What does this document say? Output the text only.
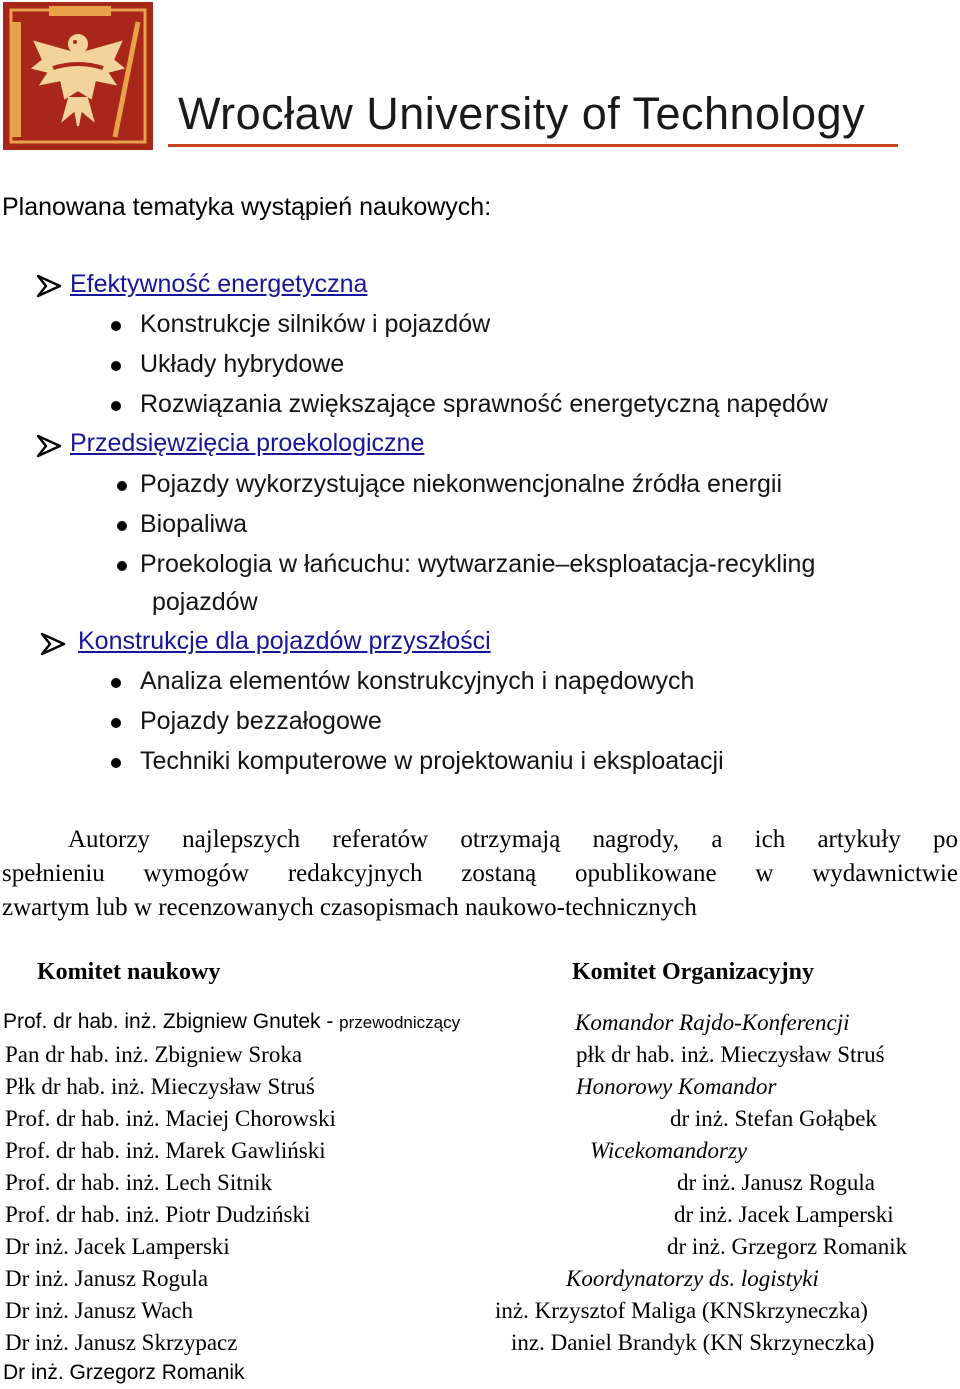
Wrocław University of Technology
Planowana tematyka wystąpień naukowych:
Efektywność energetyczna
Konstrukcje silników i pojazdów
Układy hybrydowe
Rozwiązania zwiększające sprawność energetyczną napędów
Przedsięwzięcia proekologiczne
Pojazdy wykorzystujące niekonwencjonalne źródła energii
Biopaliwa
Proekologia w łańcuchu: wytwarzanie–eksploatacja-recykling
pojazdów
Konstrukcje dla pojazdów przyszłości
Analiza elementów konstrukcyjnych i napędowych
Pojazdy bezzałogowe
Techniki komputerowe w projektowaniu i eksploatacji
Autorzy najlepszych referatów otrzymają nagrody, a ich artykuły po
spełnieniu wymogów redakcyjnych zostaną opublikowane w wydawnictwie
zwartym lub w recenzowanych czasopismach naukowo-technicznych
Komitet naukowy	Komitet Organizacyjny
Prof. dr hab. inż. Zbigniew Gnutek - przewodniczący
Pan dr hab. inż. Zbigniew Sroka
Płk dr hab. inż. Mieczysław Struś
Prof. dr hab. inż. Maciej Chorowski
Prof. dr hab. inż. Marek Gawliński
Prof. dr hab. inż. Lech Sitnik
Prof. dr hab. inż. Piotr Dudziński
Dr inż. Jacek Lamperski
Dr inż. Janusz Rogula
Dr inż. Janusz Wach
Dr inż. Janusz Skrzypacz
Dr inż. Grzegorz Romanik
Komandor Rajdo-Konferencji
płk dr hab. inż. Mieczysław Struś
Honorowy Komandor
dr inż. Stefan Gołąbek
Wicekomandorzy
dr inż. Janusz Rogula
dr inż. Jacek Lamperski
dr inż. Grzegorz Romanik
Koordynatorzy ds. logistyki
inż. Krzysztof Maliga (KNSkrzyneczka)
inz. Daniel Brandyk (KN Skrzyneczka)
